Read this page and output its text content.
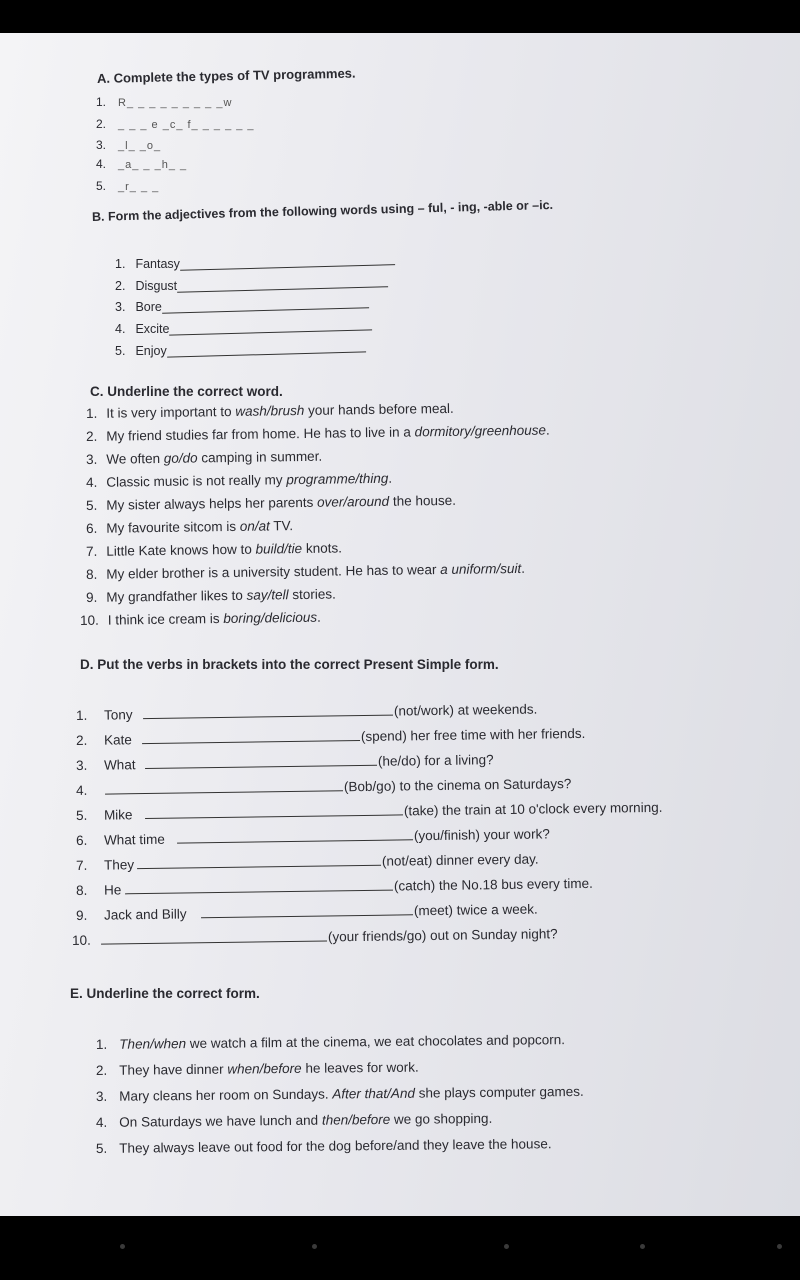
A. Complete the types of TV programmes.
1. R_ _ _ _ _ _ _ _ _w
2. _ _ _ e _c_ f_ _ _ _ _ _
3. _l_ _o_
4. _a_ _ _h_ _
5. _r_ _ _
B. Form the adjectives from the following words using – ful, - ing, -able or –ic.
1. Fantasy
2. Disgust
3. Bore
4. Excite
5. Enjoy
C. Underline the correct word.
1. It is very important to wash/brush your hands before meal.
2. My friend studies far from home. He has to live in a dormitory/greenhouse.
3. We often go/do camping in summer.
4. Classic music is not really my programme/thing.
5. My sister always helps her parents over/around the house.
6. My favourite sitcom is on/at TV.
7. Little Kate knows how to build/tie knots.
8. My elder brother is a university student. He has to wear a uniform/suit.
9. My grandfather likes to say/tell stories.
10. I think ice cream is boring/delicious.
D. Put the verbs in brackets into the correct Present Simple form.
1.	Tony	(not/work) at weekends.
2.	Kate	(spend) her free time with her friends.
3.	What	(he/do) for a living?
4.	(Bob/go) to the cinema on Saturdays?
5.	Mike	(take) the train at 10 o'clock every morning.
6.	What time	(you/finish) your work?
7.	They	(not/eat) dinner every day.
8.	He	(catch) the No.18 bus every time.
9.	Jack and Billy	(meet) twice a week.
10.	(your friends/go) out on Sunday night?
E. Underline the correct form.
1. Then/when we watch a film at the cinema, we eat chocolates and popcorn.
2. They have dinner when/before he leaves for work.
3. Mary cleans her room on Sundays. After that/And she plays computer games.
4. On Saturdays we have lunch and then/before we go shopping.
5. They always leave out food for the dog before/and they leave the house.
